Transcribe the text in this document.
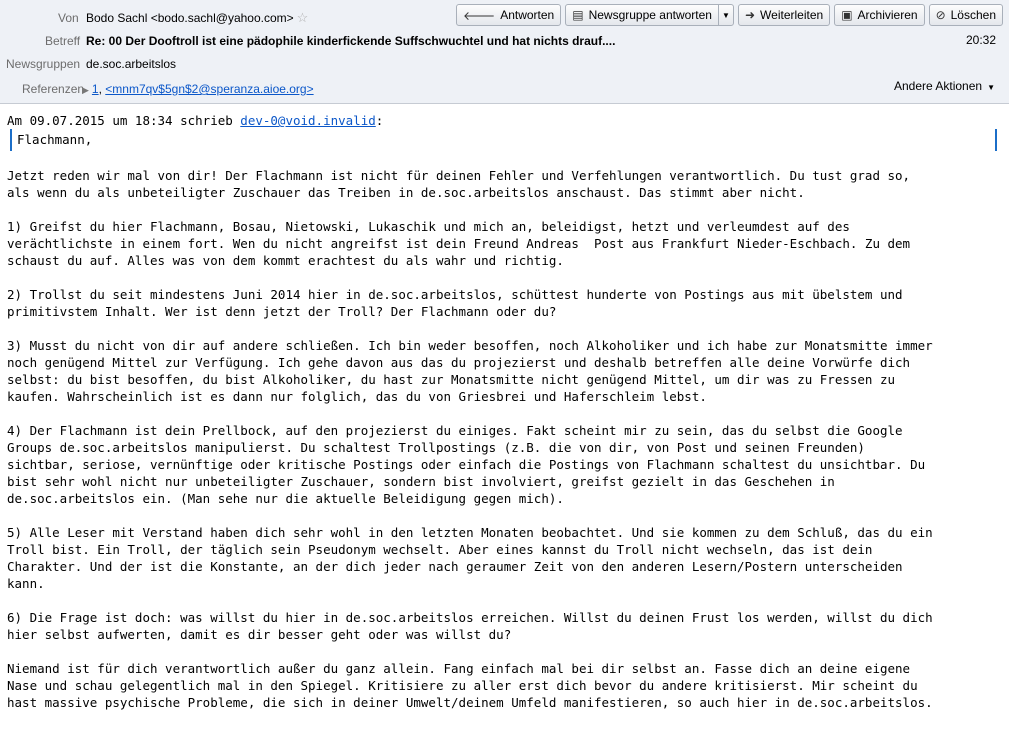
Von Bodo Sachl <bodo.sachl@yahoo.com> ☆	🡐 Antworten ▤ Newsgruppe antworten	▼ ➜ Weiterleiten ▣ Archivieren ⊘ Löschen
Betreff Re: 00 Der Dooftroll ist eine pädophile kinderfickende Suffschwuchtel und hat nichts drauf....	20:32
Newsgruppen de.soc.arbeitslos
Referenzen
▶ 1, <mnm7qv$5gn$2@speranza.aioe.org>	Andere Aktionen ▼
Am 09.07.2015 um 18:34 schrieb dev-0@void.invalid:
Flachmann,
Jetzt reden wir mal von dir! Der Flachmann ist nicht für deinen Fehler und Verfehlungen verantwortlich. Du tust grad so,
als wenn du als unbeteiligter Zuschauer das Treiben in de.soc.arbeitslos anschaust. Das stimmt aber nicht.
1) Greifst du hier Flachmann, Bosau, Nietowski, Lukaschik und mich an, beleidigst, hetzt und verleumdest auf des
verächtlichste in einem fort. Wen du nicht angreifst ist dein Freund Andreas  Post aus Frankfurt Nieder-Eschbach. Zu dem
schaust du auf. Alles was von dem kommt erachtest du als wahr und richtig.
2) Trollst du seit mindestens Juni 2014 hier in de.soc.arbeitslos, schüttest hunderte von Postings aus mit übelstem und
primitivstem Inhalt. Wer ist denn jetzt der Troll? Der Flachmann oder du?
3) Musst du nicht von dir auf andere schließen. Ich bin weder besoffen, noch Alkoholiker und ich habe zur Monatsmitte immer
noch genügend Mittel zur Verfügung. Ich gehe davon aus das du projezierst und deshalb betreffen alle deine Vorwürfe dich
selbst: du bist besoffen, du bist Alkoholiker, du hast zur Monatsmitte nicht genügend Mittel, um dir was zu Fressen zu
kaufen. Wahrscheinlich ist es dann nur folglich, das du von Griesbrei und Haferschleim lebst.
4) Der Flachmann ist dein Prellbock, auf den projezierst du einiges. Fakt scheint mir zu sein, das du selbst die Google
Groups de.soc.arbeitslos manipulierst. Du schaltest Trollpostings (z.B. die von dir, von Post und seinen Freunden)
sichtbar, seriose, vernünftige oder kritische Postings oder einfach die Postings von Flachmann schaltest du unsichtbar. Du
bist sehr wohl nicht nur unbeteiligter Zuschauer, sondern bist involviert, greifst gezielt in das Geschehen in
de.soc.arbeitslos ein. (Man sehe nur die aktuelle Beleidigung gegen mich).
5) Alle Leser mit Verstand haben dich sehr wohl in den letzten Monaten beobachtet. Und sie kommen zu dem Schluß, das du ein
Troll bist. Ein Troll, der täglich sein Pseudonym wechselt. Aber eines kannst du Troll nicht wechseln, das ist dein
Charakter. Und der ist die Konstante, an der dich jeder nach geraumer Zeit von den anderen Lesern/Postern unterscheiden
kann.
6) Die Frage ist doch: was willst du hier in de.soc.arbeitslos erreichen. Willst du deinen Frust los werden, willst du dich
hier selbst aufwerten, damit es dir besser geht oder was willst du?
Niemand ist für dich verantwortlich außer du ganz allein. Fang einfach mal bei dir selbst an. Fasse dich an deine eigene
Nase und schau gelegentlich mal in den Spiegel. Kritisiere zu aller erst dich bevor du andere kritisierst. Mir scheint du
hast massive psychische Probleme, die sich in deiner Umwelt/deinem Umfeld manifestieren, so auch hier in de.soc.arbeitslos.
